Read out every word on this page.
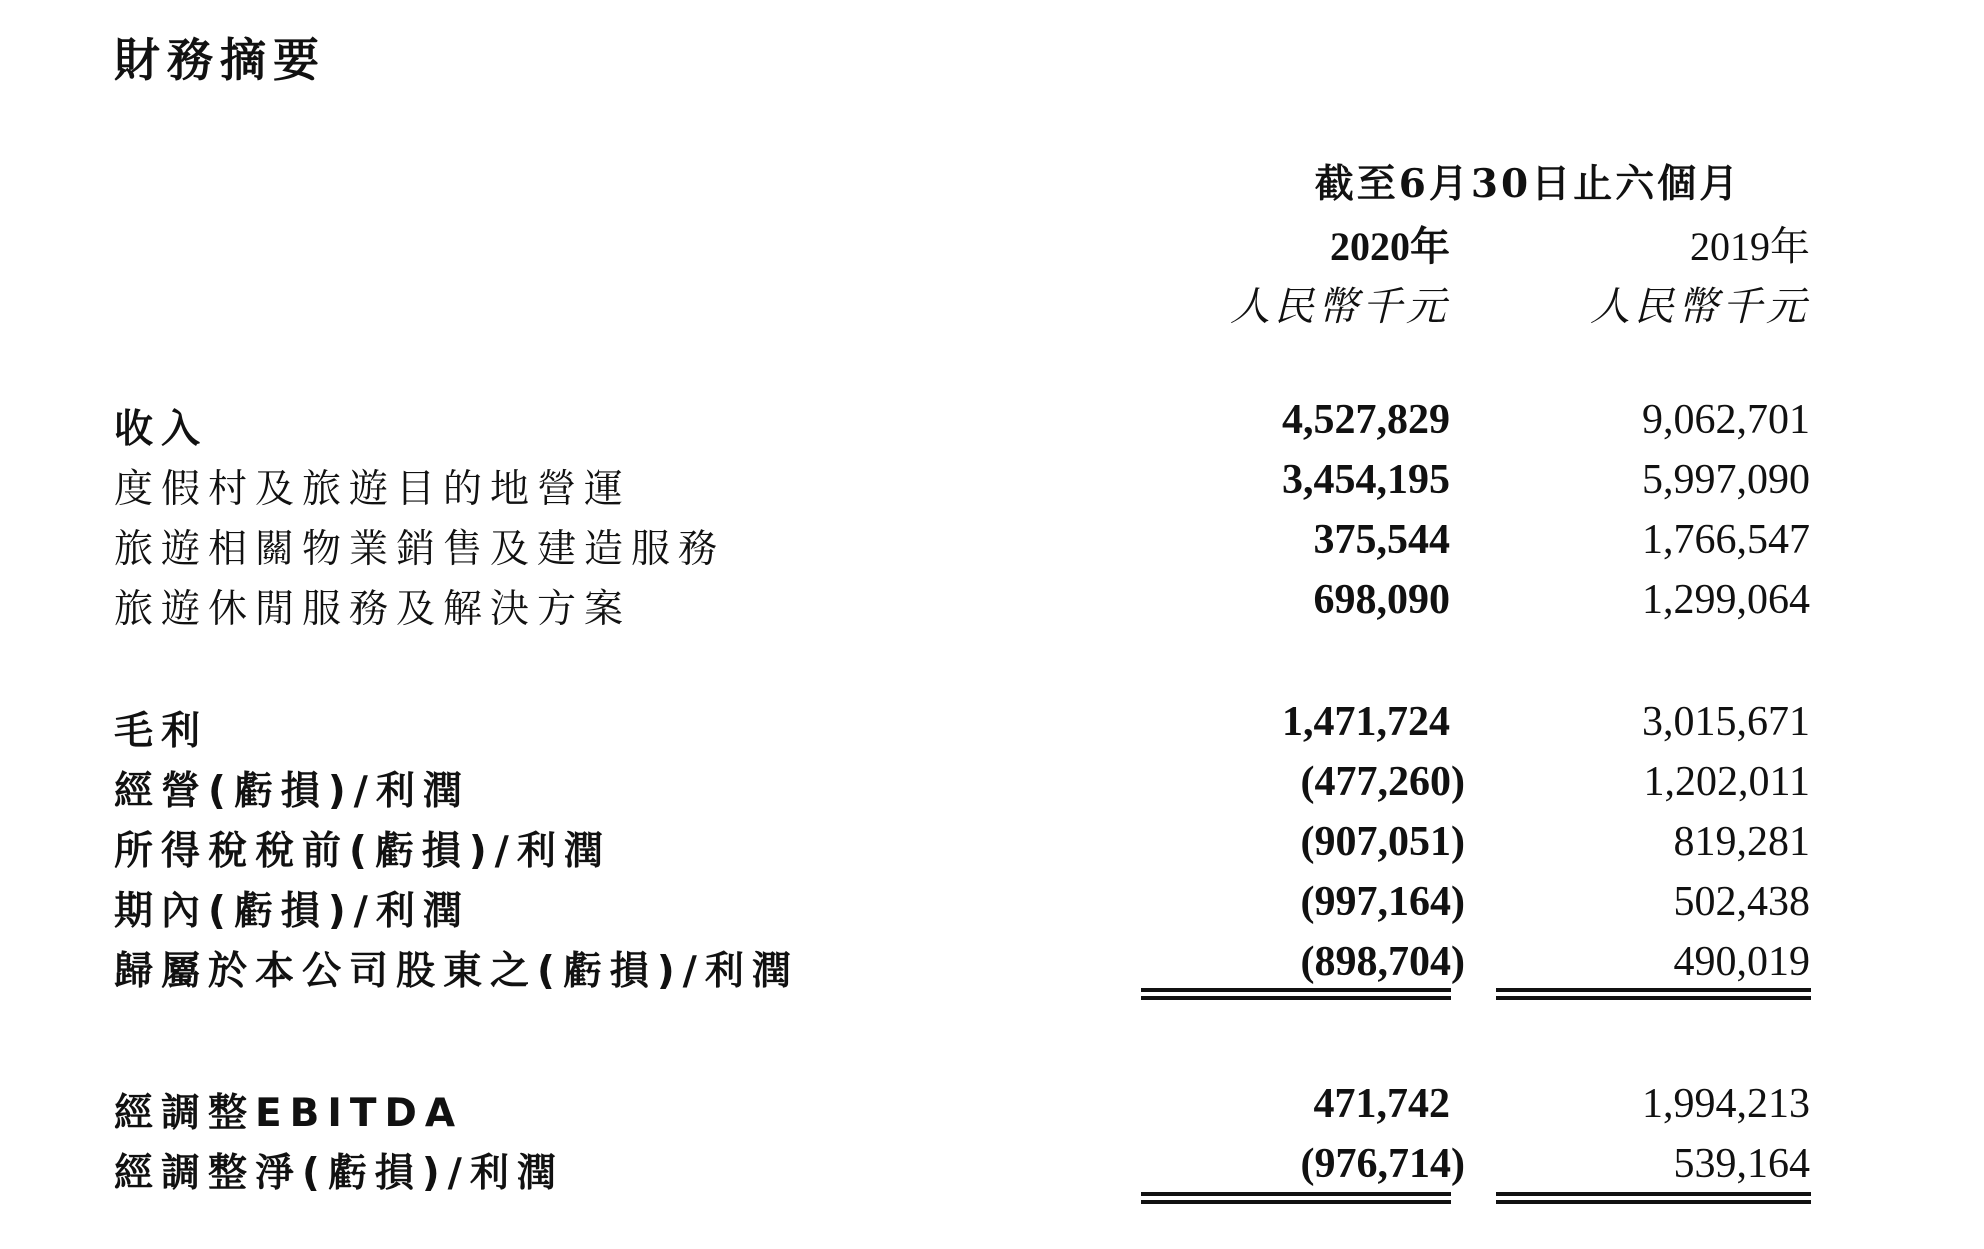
財務摘要
截至6月30日止六個月
2020年	2019年
人民幣千元	人民幣千元
收入	4,527,829	9,062,701
度假村及旅遊目的地營運	3,454,195	5,997,090
旅遊相關物業銷售及建造服務	375,544	1,766,547
旅遊休閒服務及解決方案	698,090	1,299,064
毛利	1,471,724	3,015,671
經營(虧損)/利潤	(477,260)	1,202,011
所得稅稅前(虧損)/利潤	(907,051)	819,281
期內(虧損)/利潤	(997,164)	502,438
歸屬於本公司股東之(虧損)/利潤	(898,704)	490,019
經調整EBITDA	471,742	1,994,213
經調整淨(虧損)/利潤	(976,714)	539,164
